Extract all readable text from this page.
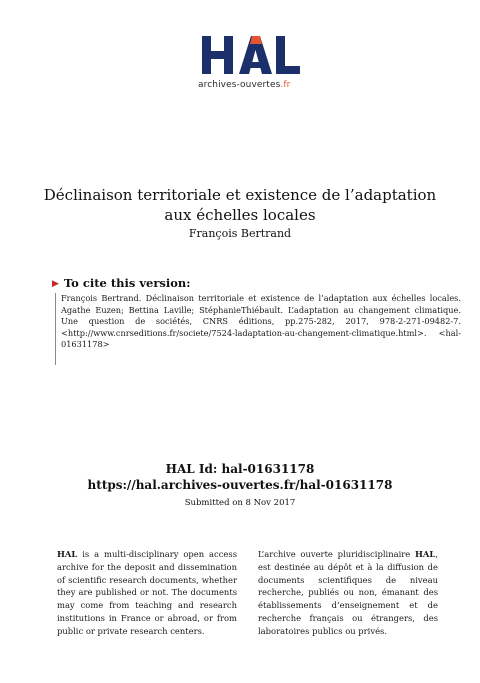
archives-ouvertes.fr
Déclinaison territoriale et existence de l’adaptation aux échelles locales
François Bertrand
▶ To cite this version:
François Bertrand. Déclinaison territoriale et existence de l’adaptation aux échelles locales. Agathe Euzen; Bettina Laville; StéphanieThiébault. L’adaptation au changement climatique. Une question de sociétés, CNRS éditions, pp.275-282, 2017, 978-2-271-09482-7. <http://www.cnrseditions.fr/societe/7524-ladaptation-au-changement-climatique.html>. <hal-01631178>
HAL Id: hal-01631178
https://hal.archives-ouvertes.fr/hal-01631178
Submitted on 8 Nov 2017
HAL is a multi-disciplinary open access archive for the deposit and dissemination of scientific research documents, whether they are published or not. The documents may come from teaching and research institutions in France or abroad, or from public or private research centers.
L’archive ouverte pluridisciplinaire HAL, est destinée au dépôt et à la diffusion de documents scientifiques de niveau recherche, publiés ou non, émanant des établissements d’enseignement et de recherche français ou étrangers, des laboratoires publics ou privés.
